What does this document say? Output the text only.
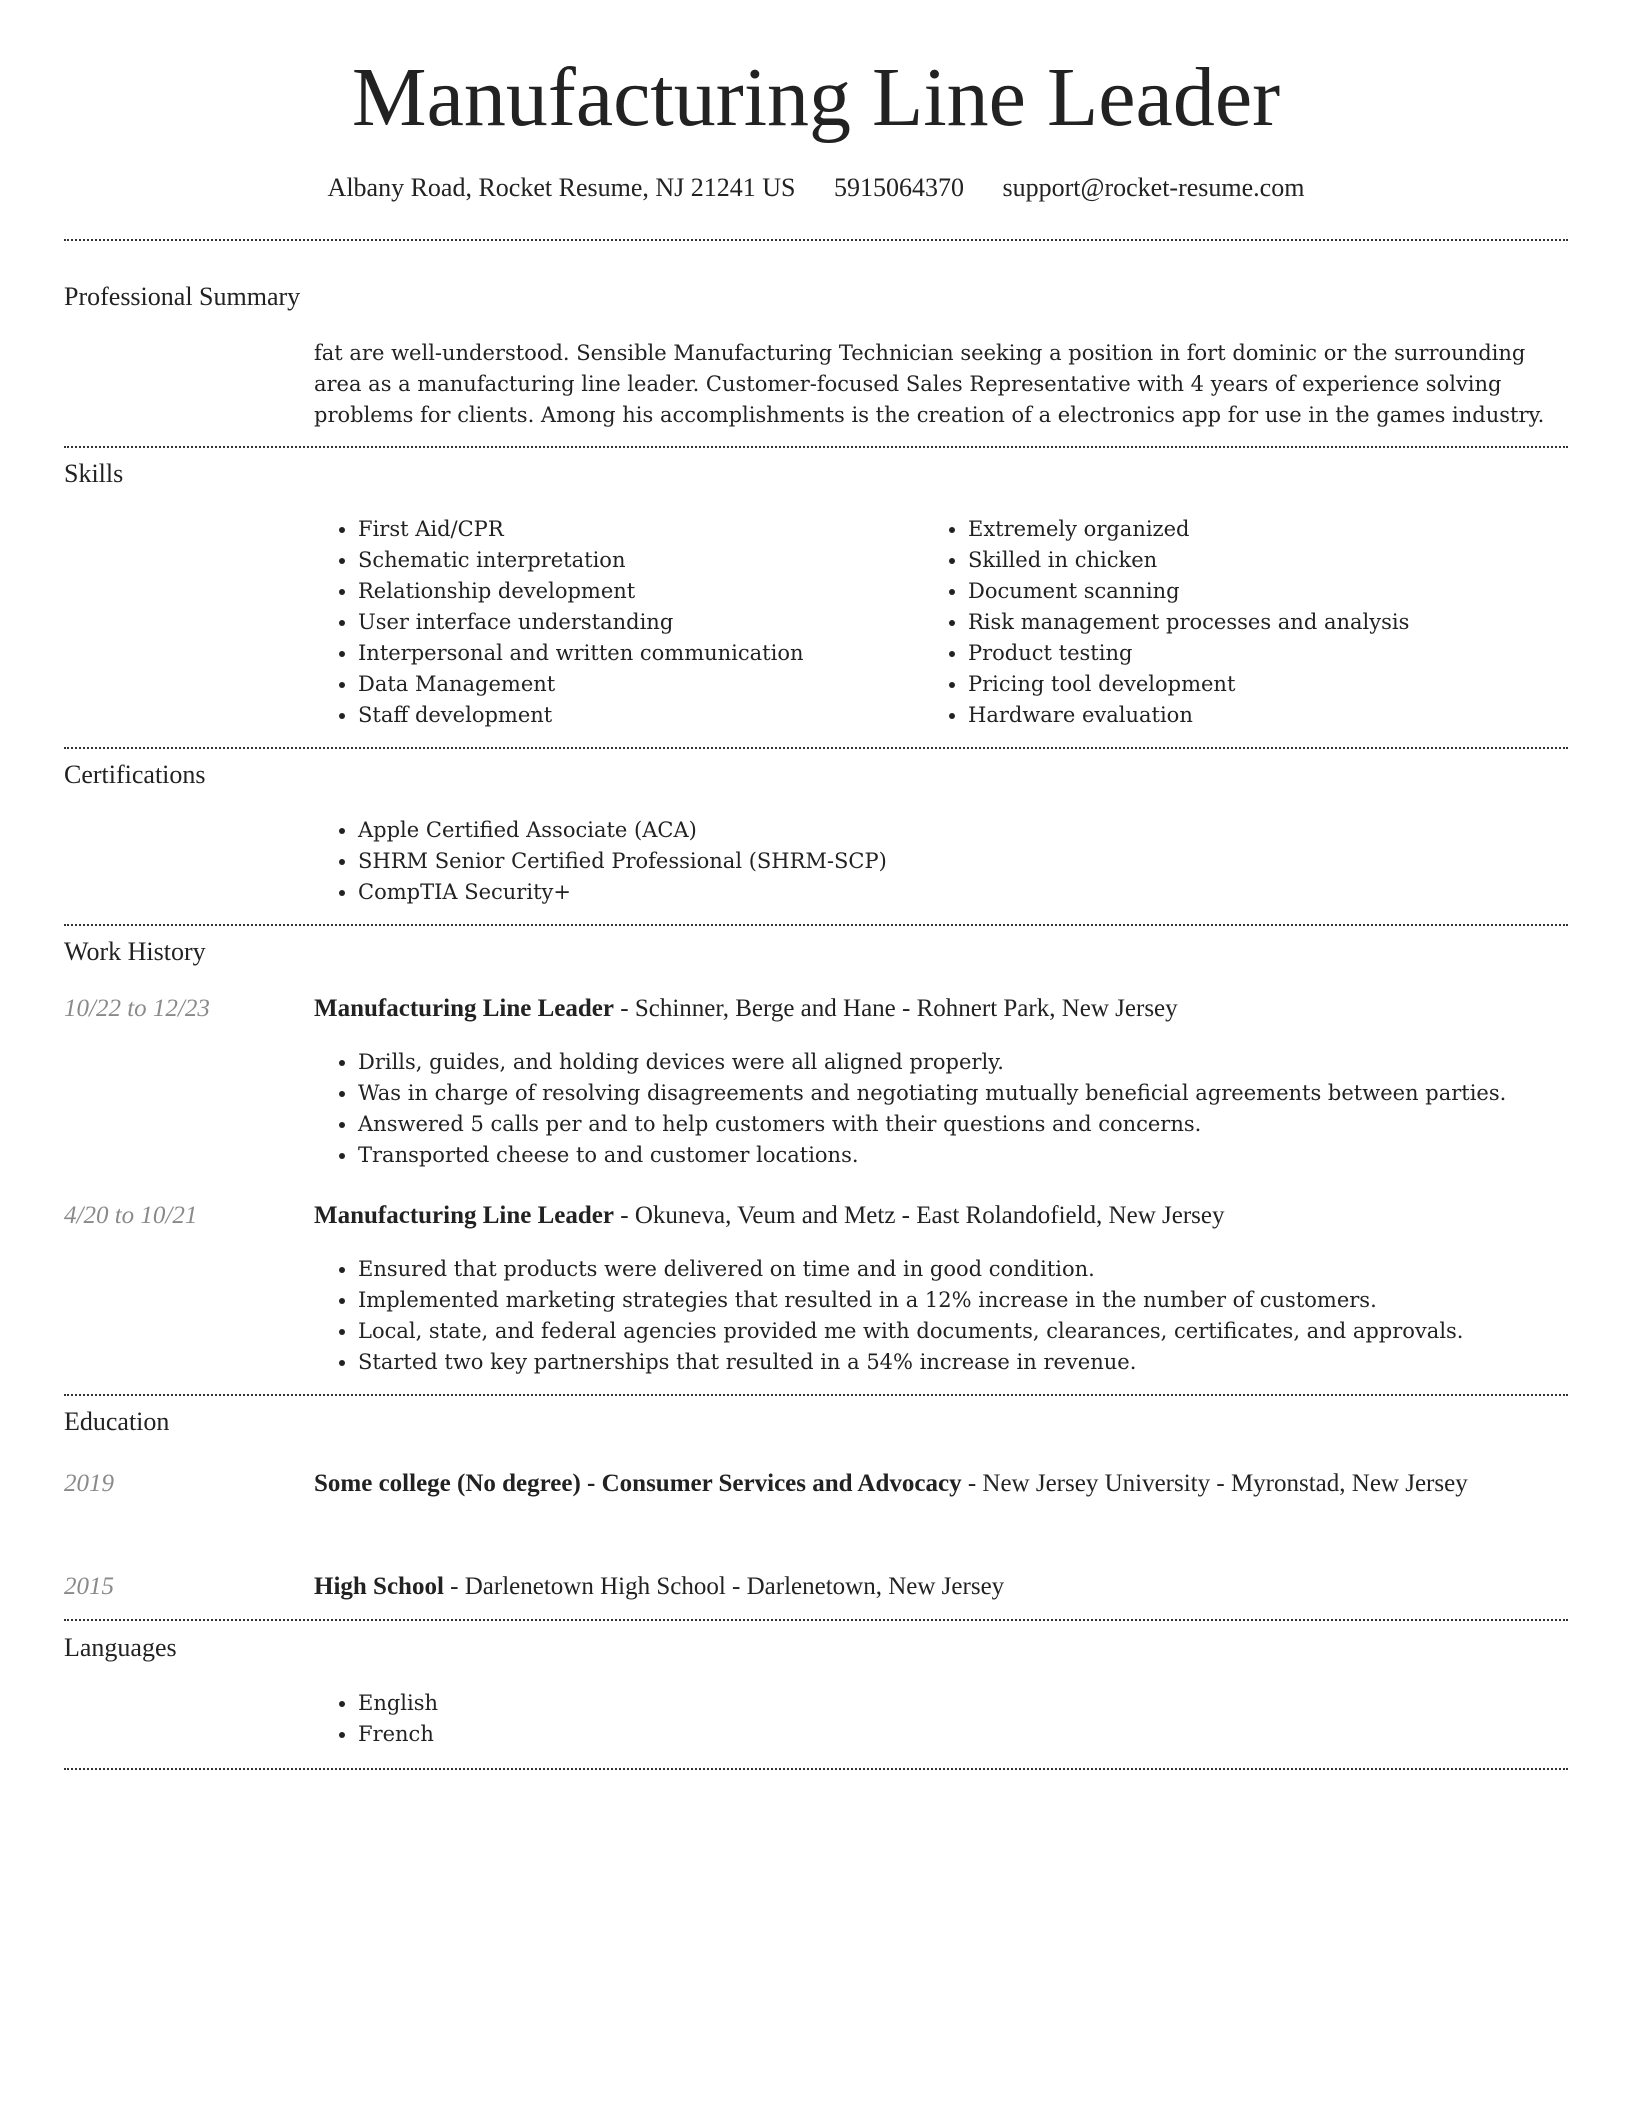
Manufacturing Line Leader
Albany Road, Rocket Resume, NJ 21241 US 5915064370 support@rocket-resume.com
Professional Summary
fat are well-understood. Sensible Manufacturing Technician seeking a position in fort dominic or the surrounding area as a manufacturing line leader. Customer-focused Sales Representative with 4 years of experience solving problems for clients. Among his accomplishments is the creation of a electronics app for use in the games industry.
Skills
• First Aid/CPR
• Schematic interpretation
• Relationship development
• User interface understanding
• Interpersonal and written communication
• Data Management
• Staff development
• Extremely organized
• Skilled in chicken
• Document scanning
• Risk management processes and analysis
• Product testing
• Pricing tool development
• Hardware evaluation
Certifications
• Apple Certified Associate (ACA)
• SHRM Senior Certified Professional (SHRM-SCP)
• CompTIA Security+
Work History
10/22 to 12/23	Manufacturing Line Leader - Schinner, Berge and Hane - Rohnert Park, New Jersey
• Drills, guides, and holding devices were all aligned properly.
• Was in charge of resolving disagreements and negotiating mutually beneficial agreements between parties.
• Answered 5 calls per and to help customers with their questions and concerns.
• Transported cheese to and customer locations.
4/20 to 10/21	Manufacturing Line Leader - Okuneva, Veum and Metz - East Rolandofield, New Jersey
• Ensured that products were delivered on time and in good condition.
• Implemented marketing strategies that resulted in a 12% increase in the number of customers.
• Local, state, and federal agencies provided me with documents, clearances, certificates, and approvals.
• Started two key partnerships that resulted in a 54% increase in revenue.
Education
2019	Some college (No degree) - Consumer Services and Advocacy - New Jersey University - Myronstad, New Jersey
2015	High School - Darlenetown High School - Darlenetown, New Jersey
Languages
• English
• French
